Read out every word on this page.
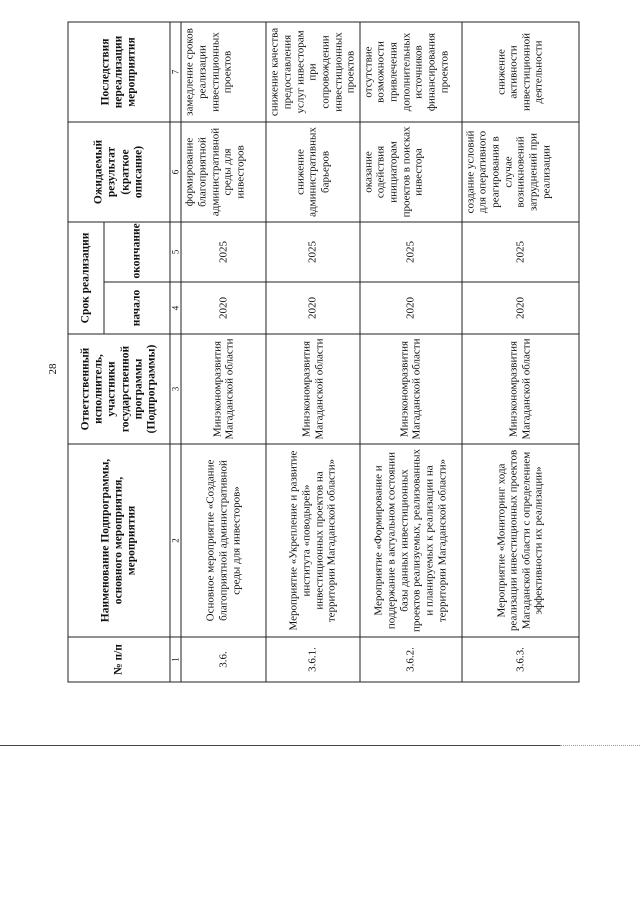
28
№ п/п	Наименование Подпрограммы, основного мероприятия, мероприятия	Ответственный исполнитель, участники государственной программы (Подпрограммы)	Срок реализации		Ожидаемый результат (краткое описание)	Последствия нереализации мероприятия
			начало	окончание		
1	2	3	4	5	6	7
3.6.	Основное мероприятие «Создание благоприятной административной среды для инвесторов»	Минэкономразвития Магаданской области	2020	2025	формирование благоприятной административной среды для инвесторов	замедление сроков реализации инвестиционных проектов
3.6.1.	Мероприятие «Укрепление и развитие института «поводырей» инвестиционных проектов на территории Магаданской области»	Минэкономразвития Магаданской области	2020	2025	снижение административных барьеров	снижение качества предоставления услуг инвесторам при сопровождении инвестиционных проектов
3.6.2.	Мероприятие «Формирование и поддержание в актуальном состоянии базы данных инвестиционных проектов реализуемых, реализованных и планируемых к реализации на территории Магаданской области»	Минэкономразвития Магаданской области	2020	2025	оказание содействия инициаторам проектов в поисках инвестора	отсутствие возможности привлечения дополнительных источников финансирования проектов
3.6.3.	Мероприятие «Мониторинг хода реализации инвестиционных проектов Магаданской области с определением эффективности их реализации»	Минэкономразвития Магаданской области	2020	2025	создание условий для оперативного реагирования в случае возникновений затруднений при реализации	снижение активности инвестиционной деятельности
